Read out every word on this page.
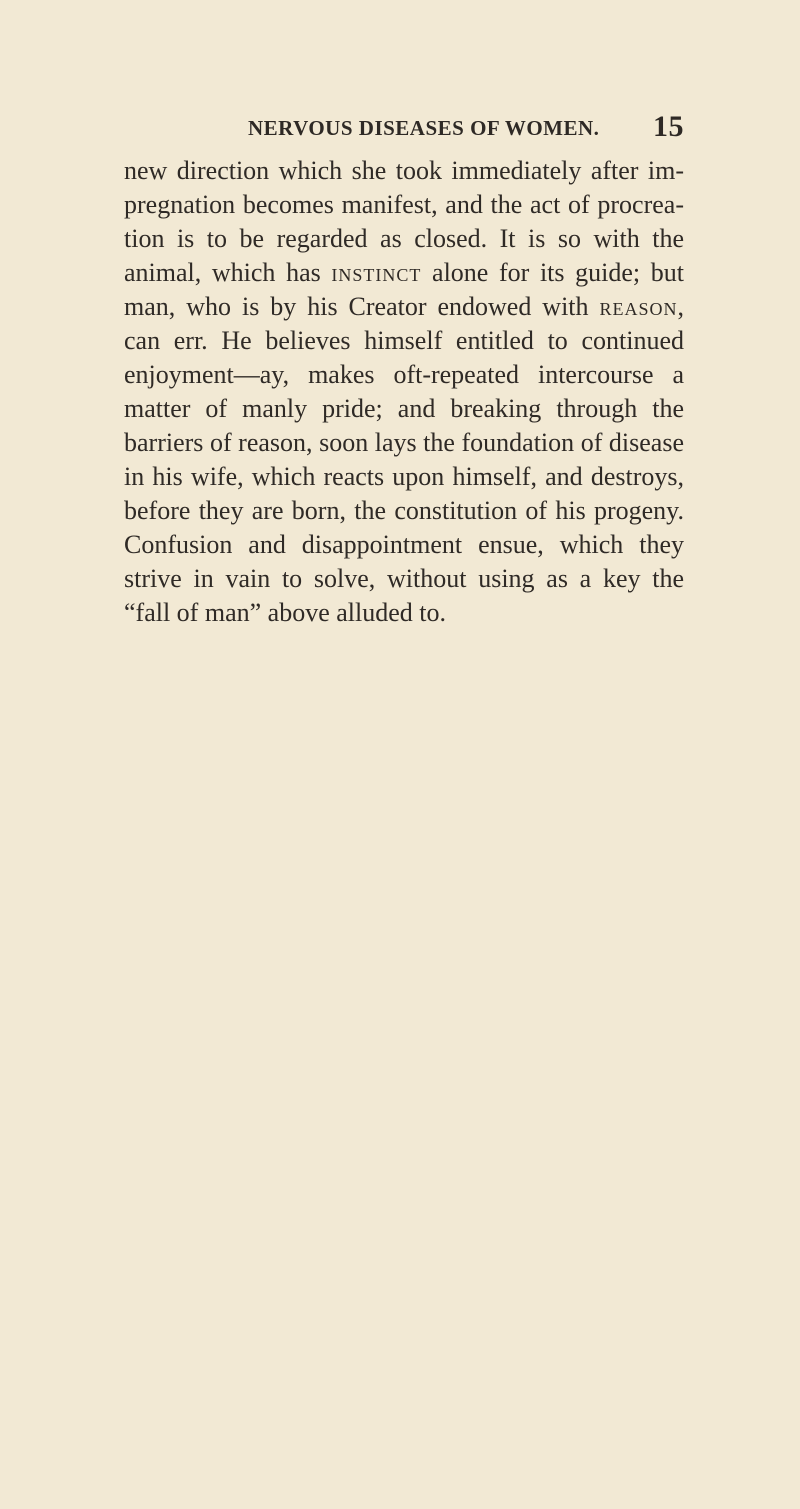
NERVOUS DISEASES OF WOMEN. 15
new direction which she took immediately after im-
pregnation becomes manifest, and the act of procrea-
tion is to be regarded as closed. It is so with the
animal, which has instinct alone for its guide; but
man, who is by his Creator endowed with reason,
can err. He believes himself entitled to continued
enjoyment—ay, makes oft-repeated intercourse a
matter of manly pride; and breaking through the
barriers of reason, soon lays the foundation of disease
in his wife, which reacts upon himself, and destroys,
before they are born, the constitution of his progeny.
Confusion and disappointment ensue, which they
strive in vain to solve, without using as a key the
“fall of man” above alluded to.
